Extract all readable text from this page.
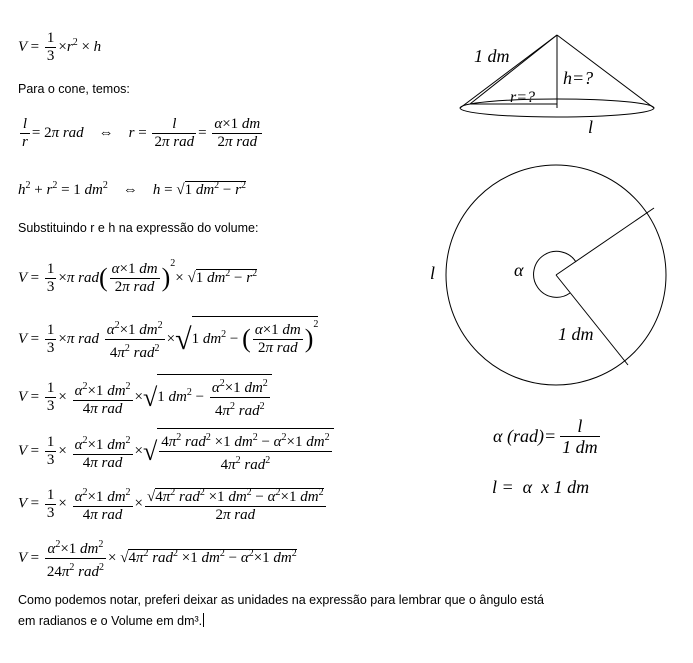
$V = \frac{1}{3} \times r^2 \times h$
Para o cone, temos:
$\frac{l}{r} = 2\pi$ rad    ⇔    $r = \frac{l}{\text{2π rad}} = \frac{\alpha\times 1 dm}{\text{2π rad}}$
$h^2 + r^2 = 1$ $dm^2$ ⇔    h = √1 $dm^2 - r^2$
Substituindo r e h na expressão do volume:
$V = \frac{1}{3} \times\pi$ $rad( \frac{\alpha\times 1 dm}{\text{2π rad}} )^2\times √1$ $dm^2 - r^2$
$V = \frac{1}{3} \times\pi$ rad $\frac{\alpha^2\times 1 dm^2}{4\pi^2 rad^2} \times√1$ $dm^2$ − ( $\frac{\alpha\times 1 dm}{\text{2π rad}} )^2$
$V = \frac{1}{3} \times \frac{\alpha^2\times 1 dm^2}{\text{4π rad}} \times√1$ $dm^2 - \frac{\alpha^2\times 1 dm^2}{4\pi^2 rad^2}$
$V = \frac{1}{3} \times \frac{\alpha^2\times 1 dm^2}{\text{4π rad}}$ ×√ $\frac{4\pi^2 rad^2 \times 1 dm^2 - \alpha^2\times 1 dm^2}{4\pi^2 rad^2}$
$V = \frac{1}{3} \times \frac{\alpha^2\times 1 dm^2}{\text{4π rad}} \times \frac{√4\pi^2 rad^2 \times 1 dm^2 - \alpha^2\times 1 dm^2}{\text{2π rad}}$
$V = \frac{\alpha^2\times 1 dm^2}{24\pi^2 rad^2} \times √4\pi^2$ rad$^2$ ×1 $dm^2 - \alpha^2\times 1$ $dm^2$
Como podemos notar, preferi deixar as unidades na expressão para lembrar que o ângulo está
em radianos e o Volume em dm³.
1 dm
h=?
r=?
l
l	α
1 dm
α $(rad)= \frac{l}{1 dm}$
l =  α  x 1 dm
